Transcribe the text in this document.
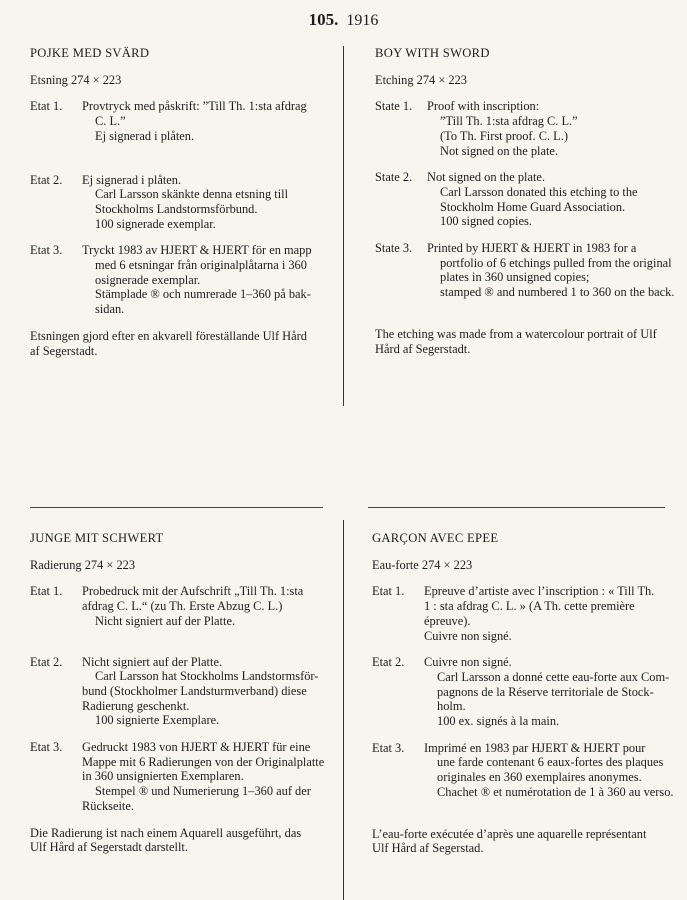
105. 1916
POJKE MED SVÄRD
Etsning 274 × 223
Etat 1. Provtryck med påskrift: ”Till Th. 1:sta afdrag
C. L.”
Ej signerad i plåten.
Etat 2. Ej signerad i plåten.
Carl Larsson skänkte denna etsning till
Stockholms Landstormsförbund.
100 signerade exemplar.
Etat 3. Tryckt 1983 av HJERT & HJERT för en mapp
med 6 etsningar från originalplåtarna i 360
osignerade exemplar.
Stämplade ® och numrerade 1–360 på bak-
sidan.
Etsningen gjord efter en akvarell föreställande Ulf Hård
af Segerstadt.
BOY WITH SWORD
Etching 274 × 223
State 1. Proof with inscription:
”Till Th. 1:sta afdrag C. L.”
(To Th. First proof. C. L.)
Not signed on the plate.
State 2. Not signed on the plate.
Carl Larsson donated this etching to the
Stockholm Home Guard Association.
100 signed copies.
State 3. Printed by HJERT & HJERT in 1983 for a
portfolio of 6 etchings pulled from the original
plates in 360 unsigned copies;
stamped ® and numbered 1 to 360 on the back.
The etching was made from a watercolour portrait of Ulf
Hård af Segerstadt.
JUNGE MIT SCHWERT
Radierung 274 × 223
Etat 1. Probedruck mit der Aufschrift „Till Th. 1:sta
afdrag C. L.“ (zu Th. Erste Abzug C. L.)
Nicht signiert auf der Platte.
Etat 2. Nicht signiert auf der Platte.
Carl Larsson hat Stockholms Landstormsför-
bund (Stockholmer Landsturmverband) diese
Radierung geschenkt.
100 signierte Exemplare.
Etat 3. Gedruckt 1983 von HJERT & HJERT für eine
Mappe mit 6 Radierungen von der Originalplatte
in 360 unsignierten Exemplaren.
Stempel ® und Numerierung 1–360 auf der
Rückseite.
Die Radierung ist nach einem Aquarell ausgeführt, das
Ulf Hård af Segerstadt darstellt.
GARÇON AVEC EPEE
Eau-forte 274 × 223
Etat 1. Epreuve d’artiste avec l’inscription : « Till Th.
1 : sta afdrag C. L. » (A Th. cette première
épreuve).
Cuivre non signé.
Etat 2. Cuivre non signé.
Carl Larsson a donné cette eau-forte aux Com-
pagnons de la Réserve territoriale de Stock-
holm.
100 ex. signés à la main.
Etat 3. Imprimé en 1983 par HJERT & HJERT pour
une farde contenant 6 eaux-fortes des plaques
originales en 360 exemplaires anonymes.
Chachet ® et numérotation de 1 à 360 au verso.
L’eau-forte exécutée d’après une aquarelle représentant
Ulf Hård af Segerstad.
